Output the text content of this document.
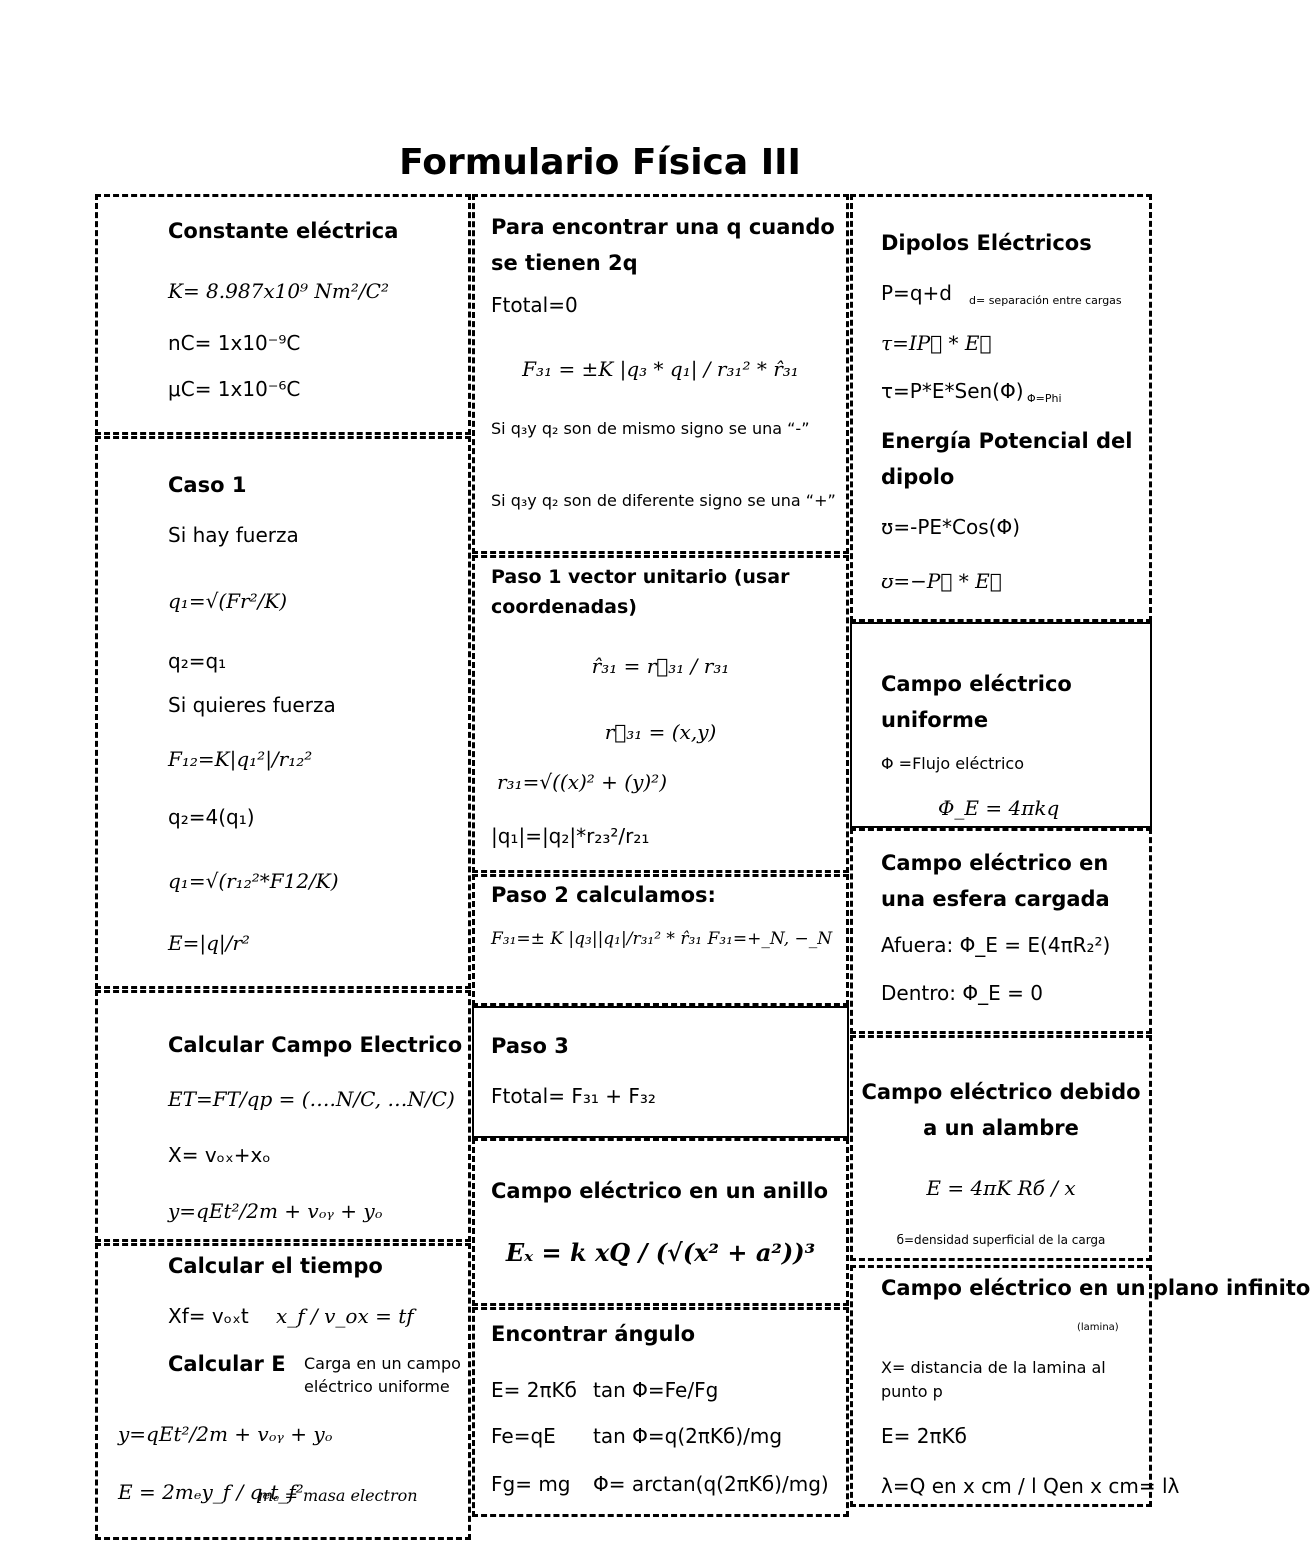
Formulario Física III
Constante eléctrica
K= 8.987x10⁹ Nm²/C²
nC= 1x10⁻⁹C
μC= 1x10⁻⁶C
Caso 1
Si hay fuerza
q₁=√(Fr²/K)
q₂=q₁
Si quieres fuerza
F₁₂=K|q₁²|/r₁₂²
q₂=4(q₁)
q₁=√(r₁₂²*F12/K)
E=|q|/r²
Calcular Campo Electrico
ET=FT/qp = (….N/C, …N/C)
X= vₒₓ+xₒ
y=qEt²/2m + vₒᵧ + yₒ
Calcular el tiempo
Xf= vₒₓt x_f / v_ox = tf
Calcular E Carga en un campo eléctrico uniforme
y=qEt²/2m + vₒᵧ + yₒ
E = 2mₑy_f / qₑt_f²
mₑ = masa electron
Para encontrar una q cuando se tienen 2q
Ftotal=0
F₃₁ = ±K |q₃ * q₁| / r₃₁² * r̂₃₁
Si q₃y q₂ son de mismo signo se una “-”
Si q₃y q₂ son de diferente signo se una “+”
Paso 1 vector unitario (usar coordenadas)
r̂₃₁ = r⃗₃₁ / r₃₁
r⃗₃₁ = (x,y)
r₃₁=√((x)² + (y)²)
|q₁|=|q₂|*r₂₃²/r₂₁
Paso 2 calculamos:
F₃₁=± K |q₃||q₁|/r₃₁² * r̂₃₁ F₃₁=+_N, −_N
Paso 3
Ftotal= F₃₁ + F₃₂
Campo eléctrico en un anillo
Eₓ = k xQ / (√(x² + a²))³
Encontrar ángulo
E= 2πKб tan Φ=Fe/Fg
Fe=qE tan Φ=q(2πKб)/mg
Fg= mg Φ= arctan(q(2πKб)/mg)
Dipolos Eléctricos
P=q+d d= separación entre cargas
τ=IP⃗ * E⃗
τ=P*E*Sen(Φ) Φ=Phi
Energía Potencial del dipolo
ʊ=-PE*Cos(Φ)
ʊ=−P⃗ * E⃗
Campo eléctrico uniforme
Φ =Flujo eléctrico
Φ_E = 4πkq
Campo eléctrico en una esfera cargada
Afuera: Φ_E = E(4πR₂²)
Dentro: Φ_E = 0
Campo eléctrico debido a un alambre
E = 4πK Rб / x
б=densidad superficial de la carga
Campo eléctrico en un plano infinito
(lamina)
X= distancia de la lamina al punto p
E= 2πKб
λ=Q en x cm / l Qen x cm= lλ
